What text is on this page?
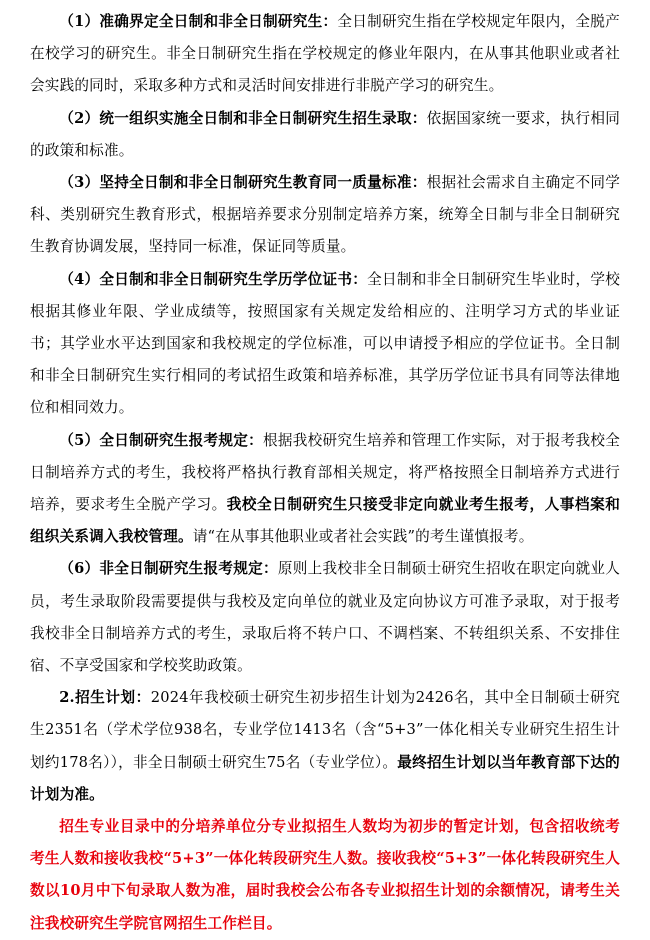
（1）准确界定全日制和非全日制研究生：全日制研究生指在学校规定年限内，全脱产在校学习的研究生。非全日制研究生指在学校规定的修业年限内，在从事其他职业或者社会实践的同时，采取多种方式和灵活时间安排进行非脱产学习的研究生。

（2）统一组织实施全日制和非全日制研究生招生录取：依据国家统一要求，执行相同的政策和标准。

（3）坚持全日制和非全日制研究生教育同一质量标准：根据社会需求自主确定不同学科、类别研究生教育形式，根据培养要求分别制定培养方案，统筹全日制与非全日制研究生教育协调发展，坚持同一标准，保证同等质量。

（4）全日制和非全日制研究生学历学位证书：全日制和非全日制研究生毕业时，学校根据其修业年限、学业成绩等，按照国家有关规定发给相应的、注明学习方式的毕业证书；其学业水平达到国家和我校规定的学位标准，可以申请授予相应的学位证书。全日制和非全日制研究生实行相同的考试招生政策和培养标准，其学历学位证书具有同等法律地位和相同效力。

（5）全日制研究生报考规定：根据我校研究生培养和管理工作实际，对于报考我校全日制培养方式的考生，我校将严格执行教育部相关规定，将严格按照全日制培养方式进行培养，要求考生全脱产学习。我校全日制研究生只接受非定向就业考生报考，人事档案和组织关系调入我校管理。请“在从事其他职业或者社会实践”的考生谨慎报考。

（6）非全日制研究生报考规定：原则上我校非全日制硕士研究生招收在职定向就业人员，考生录取阶段需要提供与我校及定向单位的就业及定向协议方可准予录取，对于报考我校非全日制培养方式的考生，录取后将不转户口、不调档案、不转组织关系、不安排住宿、不享受国家和学校奖助政策。

2.招生计划：2024年我校硕士研究生初步招生计划为2426名，其中全日制硕士研究生2351名（学术学位938名，专业学位1413名（含“5+3”一体化相关专业研究生招生计划约178名）），非全日制硕士研究生75名（专业学位）。最终招生计划以当年教育部下达的计划为准。

招生专业目录中的分培养单位分专业拟招生人数均为初步的暂定计划，包含招收统考考生人数和接收我校“5+3”一体化转段研究生人数。接收我校“5+3”一体化转段研究生人数以10月中下旬录取人数为准，届时我校会公布各专业拟招生计划的余额情况，请考生关注我校研究生学院官网招生工作栏目。
